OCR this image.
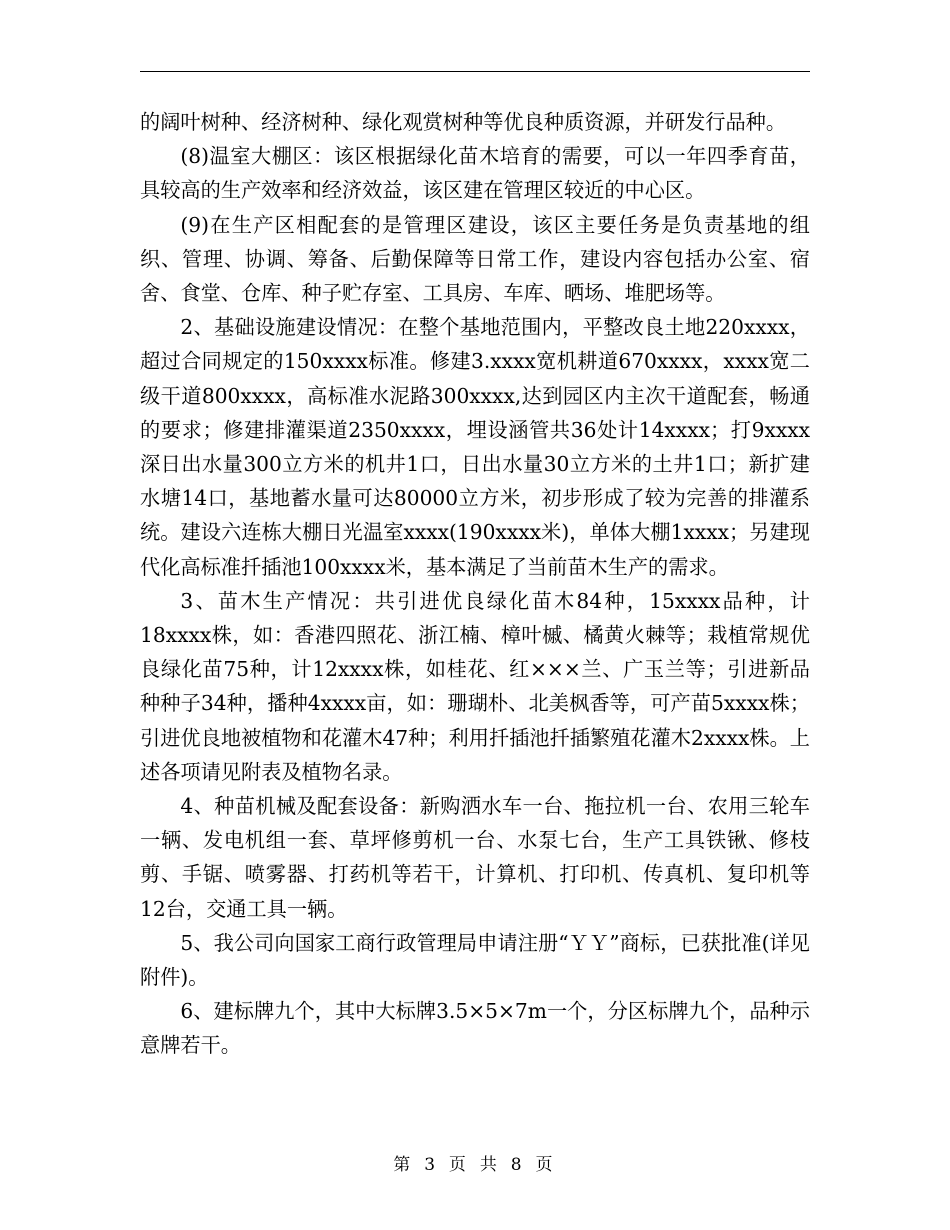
的阔叶树种、经济树种、绿化观赏树种等优良种质资源，并研发行品种。

(8)温室大棚区：该区根据绿化苗木培育的需要，可以一年四季育苗，具较高的生产效率和经济效益，该区建在管理区较近的中心区。

(9)在生产区相配套的是管理区建设，该区主要任务是负责基地的组织、管理、协调、筹备、后勤保障等日常工作，建设内容包括办公室、宿舍、食堂、仓库、种子贮存室、工具房、车库、晒场、堆肥场等。

2、基础设施建设情况：在整个基地范围内，平整改良土地220xxxx，超过合同规定的150xxxx标准。修建3.xxxx宽机耕道670xxxx，xxxx宽二级干道800xxxx，高标准水泥路300xxxx,达到园区内主次干道配套，畅通的要求；修建排灌渠道2350xxxx，埋设涵管共36处计14xxxx；打9xxxx深日出水量300立方米的机井1口，日出水量30立方米的土井1口；新扩建水塘14口，基地蓄水量可达80000立方米，初步形成了较为完善的排灌系统。建设六连栋大棚日光温室xxxx(190xxxx米)，单体大棚1xxxx；另建现代化高标准扦插池100xxxx米，基本满足了当前苗木生产的需求。

3、苗木生产情况：共引进优良绿化苗木84种，15xxxx品种，计18xxxx株，如：香港四照花、浙江楠、樟叶槭、橘黄火棘等；栽植常规优良绿化苗75种，计12xxxx株，如桂花、红×××兰、广玉兰等；引进新品种种子34种，播种4xxxx亩，如：珊瑚朴、北美枫香等，可产苗5xxxx株；引进优良地被植物和花灌木47种；利用扦插池扦插繁殖花灌木2xxxx株。上述各项请见附表及植物名录。

4、种苗机械及配套设备：新购洒水车一台、拖拉机一台、农用三轮车一辆、发电机组一套、草坪修剪机一台、水泵七台，生产工具铁锹、修枝剪、手锯、喷雾器、打药机等若干，计算机、打印机、传真机、复印机等12台，交通工具一辆。

5、我公司向国家工商行政管理局申请注册“ＹＹ”商标，已获批准(详见附件)。

6、建标牌九个，其中大标牌3.5×5×7m一个，分区标牌九个，品种示意牌若干。

第 3 页 共 8 页
